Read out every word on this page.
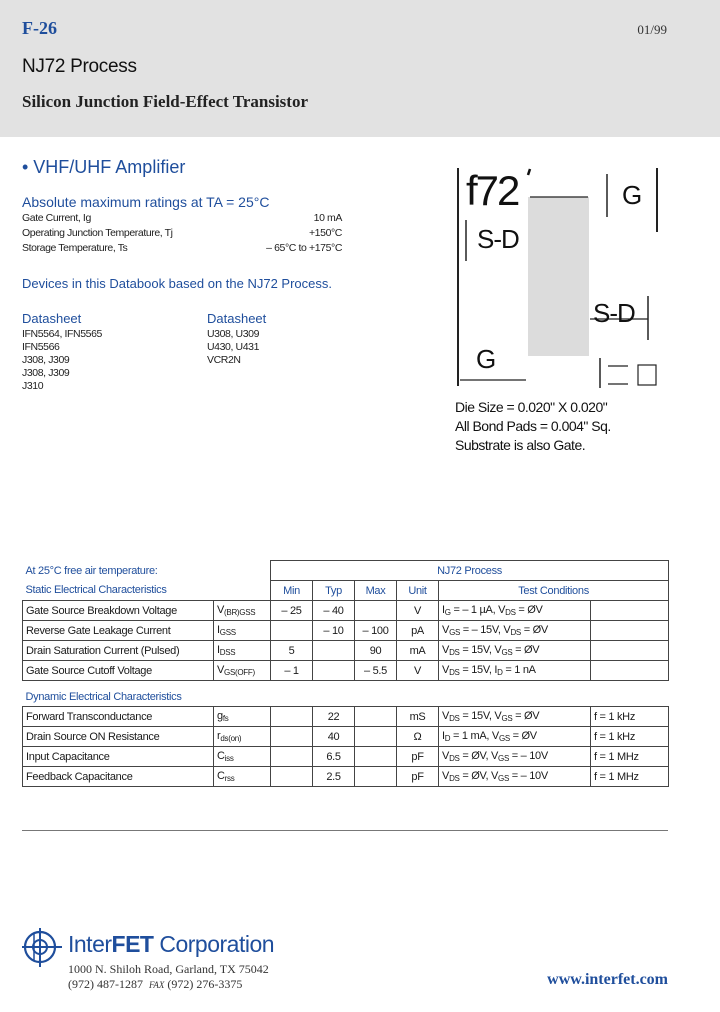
F-26	01/99
NJ72 Process
Silicon Junction Field-Effect Transistor
• VHF/UHF Amplifier
Absolute maximum ratings at TA = 25°C
Gate Current, Ig	10 mA
Operating Junction Temperature, Tj	+150°C
Storage Temperature, Ts	– 65°C to +175°C
Devices in this Databook based on the NJ72 Process.
Datasheet	Datasheet
IFN5564, IFN5565
IFN5566
J308, J309
J308, J309
J310
U308, U309
U430, U431
VCR2N
f72	G
S-D
S-D
G
Die Size = 0.020" X 0.020"
All Bond Pads = 0.004" Sq.
Substrate is also Gate.
At 25°C free air temperature:		NJ72 Process					
Static Electrical Characteristics		Min	Typ	Max	Unit	Test Conditions	
Gate Source Breakdown Voltage	$V_{(BR)GSS}$	– 25	– 40		V	$I_G$ = – 1 µA, $V_{DS}$ = ØV	
Reverse Gate Leakage Current	$I_{GSS}$		– 10	– 100	pA	$V_{GS}$ = – 15V, $V_{DS}$ = ØV	
Drain Saturation Current (Pulsed)	$I_{DSS}$	5		90	mA	$V_{DS} = 15V$, $V_{GS}$ = ØV	
Gate Source Cutoff Voltage	$V_{GS(OFF)}$	– 1		– 5.5	V	$V_{DS} = 15V$, $I_D = 1$ nA	

Dynamic Electrical Characteristics							
Forward Transconductance	$g_{fs}$		22		mS	$V_{DS} = 15V$, $V_{GS}$ = ØV	f = 1 kHz
Drain Source ON Resistance	$r_{ds(on)}$		40		Ω	$I_D = 1$ mA, $V_{GS}$ = ØV	f = 1 kHz
Input Capacitance	$C_{iss}$		6.5		pF	$V_{DS}$ = ØV, $V_{GS}$ = – 10V	f = 1 MHz
Feedback Capacitance	$C_{rss}$		2.5		pF	$V_{DS}$ = ØV, $V_{GS}$ = – 10V	f = 1 MHz
InterFET Corporation
1000 N. Shiloh Road, Garland, TX 75042
(972) 487-1287 FAX (972) 276-3375	www.interfet.com
